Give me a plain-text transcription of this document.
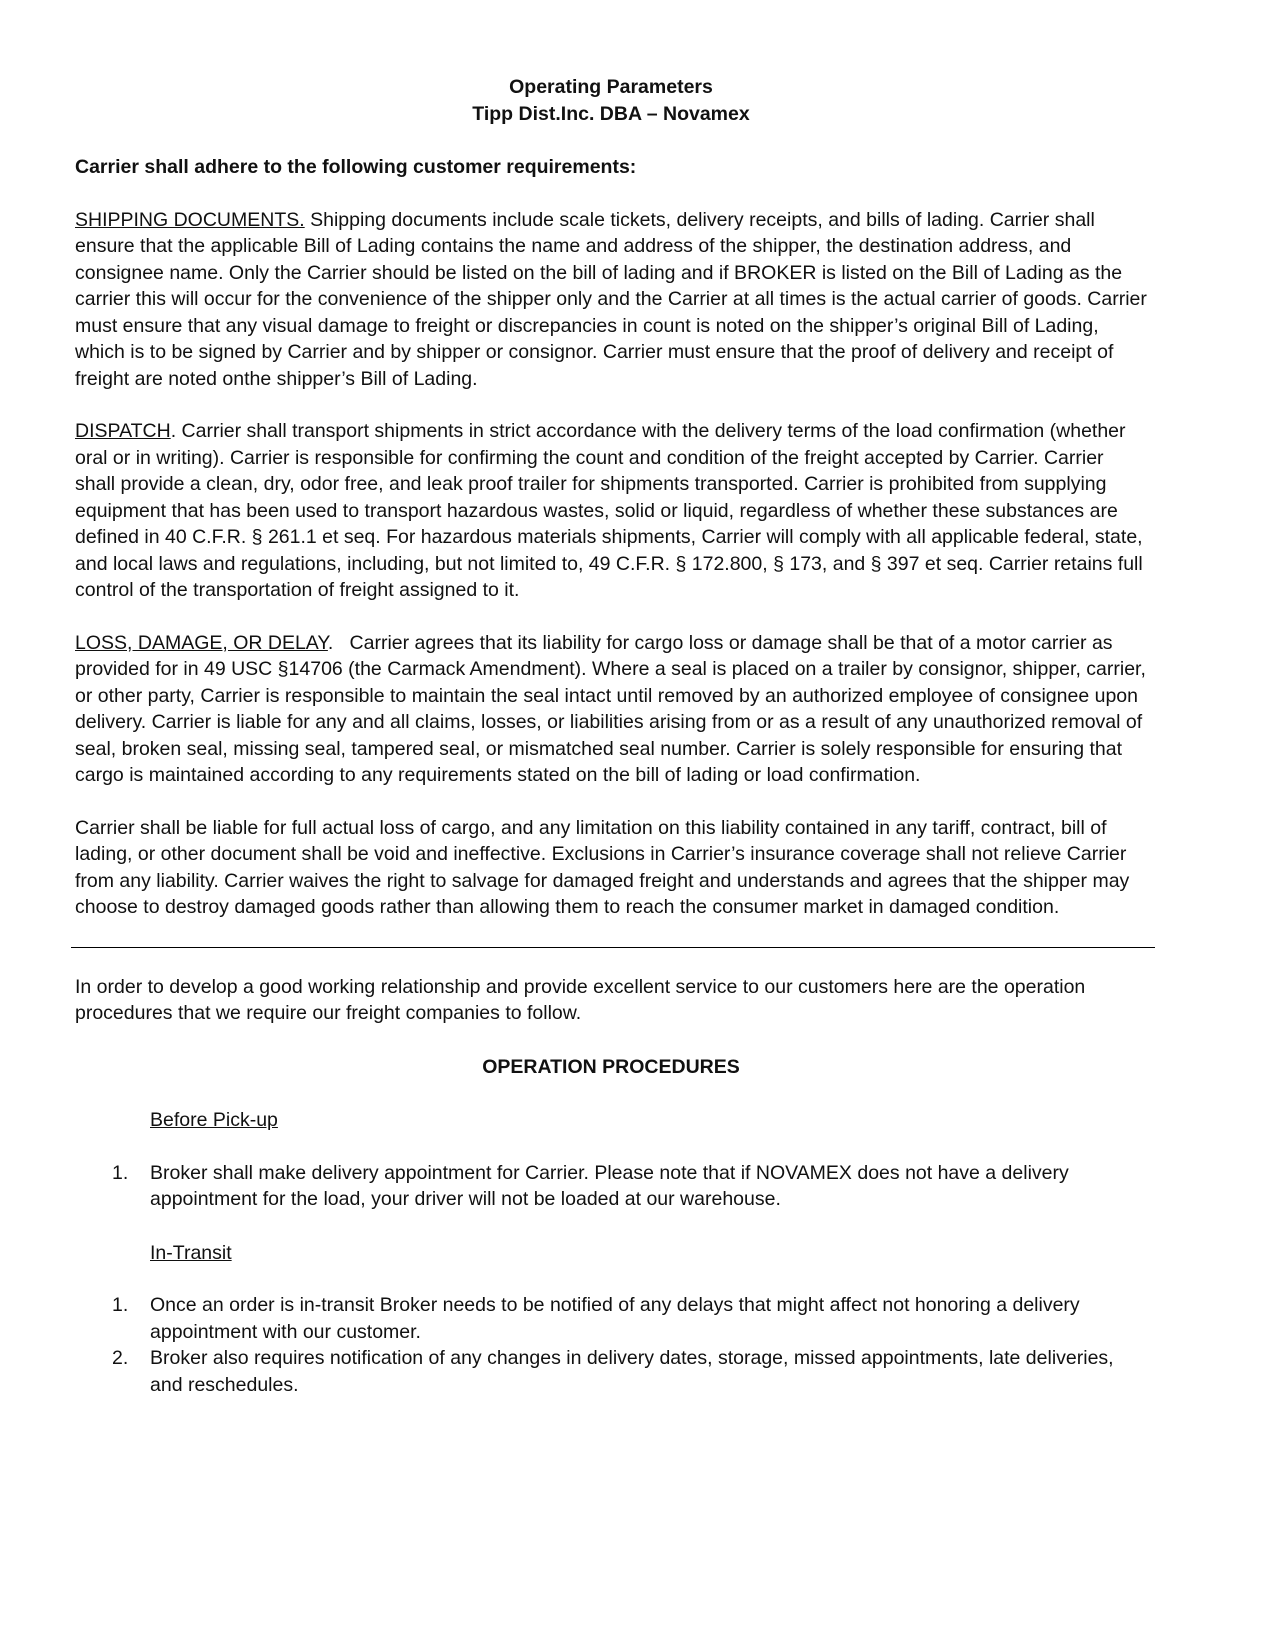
Operating Parameters

Tipp Dist.Inc. DBA – Novamex

Carrier shall adhere to the following customer requirements:

SHIPPING DOCUMENTS. Shipping documents include scale tickets, delivery receipts, and bills of lading. Carrier shall ensure that the applicable Bill of Lading contains the name and address of the shipper, the destination address, and consignee name. Only the Carrier should be listed on the bill of lading and if BROKER is listed on the Bill of Lading as the carrier this will occur for the convenience of the shipper only and the Carrier at all times is the actual carrier of goods. Carrier must ensure that any visual damage to freight or discrepancies in count is noted on the shipper’s original Bill of Lading, which is to be signed by Carrier and by shipper or consignor. Carrier must ensure that the proof of delivery and receipt of freight are noted onthe shipper’s Bill of Lading.

DISPATCH. Carrier shall transport shipments in strict accordance with the delivery terms of the load confirmation (whether oral or in writing). Carrier is responsible for confirming the count and condition of the freight accepted by Carrier. Carrier shall provide a clean, dry, odor free, and leak proof trailer for shipments transported. Carrier is prohibited from supplying equipment that has been used to transport hazardous wastes, solid or liquid, regardless of whether these substances are defined in 40 C.F.R. § 261.1 et seq. For hazardous materials shipments, Carrier will comply with all applicable federal, state, and local laws and regulations, including, but not limited to, 49 C.F.R. § 172.800, § 173, and § 397 et seq. Carrier retains full control of the transportation of freight assigned to it.

LOSS, DAMAGE, OR DELAY.   Carrier agrees that its liability for cargo loss or damage shall be that of a motor carrier as provided for in 49 USC §14706 (the Carmack Amendment). Where a seal is placed on a trailer by consignor, shipper, carrier, or other party, Carrier is responsible to maintain the seal intact until removed by an authorized employee of consignee upon delivery. Carrier is liable for any and all claims, losses, or liabilities arising from or as a result of any unauthorized removal of seal, broken seal, missing seal, tampered seal, or mismatched seal number. Carrier is solely responsible for ensuring that cargo is maintained according to any requirements stated on the bill of lading or load confirmation.

Carrier shall be liable for full actual loss of cargo, and any limitation on this liability contained in any tariff, contract, bill of lading, or other document shall be void and ineffective. Exclusions in Carrier’s insurance coverage shall not relieve Carrier from any liability. Carrier waives the right to salvage for damaged freight and understands and agrees that the shipper may choose to destroy damaged goods rather than allowing them to reach the consumer market in damaged condition.

In order to develop a good working relationship and provide excellent service to our customers here are the operation procedures that we require our freight companies to follow.

OPERATION PROCEDURES

Before Pick-up

1. Broker shall make delivery appointment for Carrier. Please note that if NOVAMEX does not have a delivery appointment for the load, your driver will not be loaded at our warehouse.

In-Transit

1. Once an order is in-transit Broker needs to be notified of any delays that might affect not honoring a delivery appointment with our customer.
2. Broker also requires notification of any changes in delivery dates, storage, missed appointments, late deliveries, and reschedules.
